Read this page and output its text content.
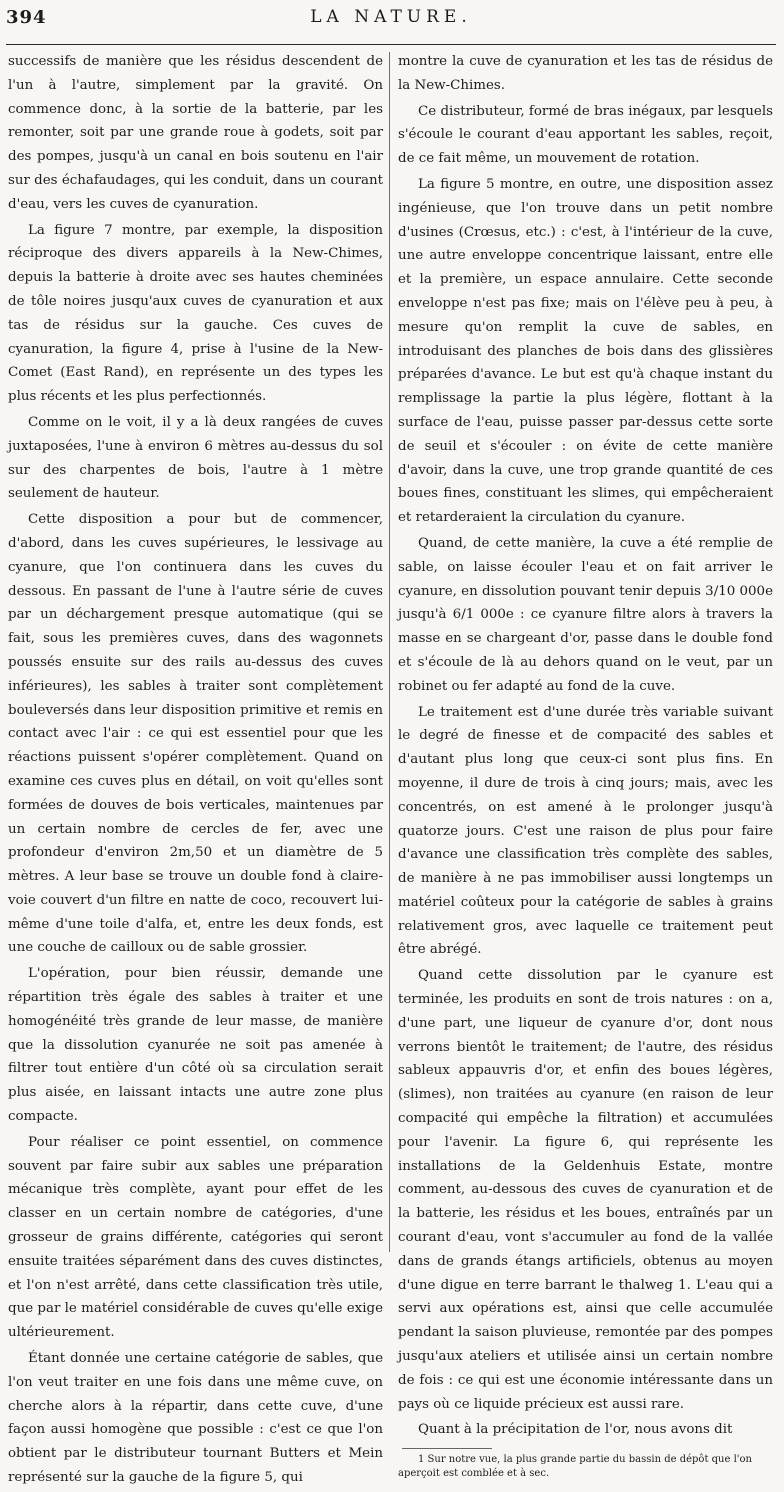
394	LA NATURE.

successifs de manière que les résidus descendent de l'un à l'autre, simplement par la gravité. On commence donc, à la sortie de la batterie, par les remonter, soit par une grande roue à godets, soit par des pompes, jusqu'à un canal en bois soutenu en l'air sur des échafaudages, qui les conduit, dans un courant d'eau, vers les cuves de cyanuration.

La figure 7 montre, par exemple, la disposition réciproque des divers appareils à la New-Chimes, depuis la batterie à droite avec ses hautes cheminées de tôle noires jusqu'aux cuves de cyanuration et aux tas de résidus sur la gauche. Ces cuves de cyanuration, la figure 4, prise à l'usine de la New-Comet (East Rand), en représente un des types les plus récents et les plus perfectionnés.

Comme on le voit, il y a là deux rangées de cuves juxtaposées, l'une à environ 6 mètres au-dessus du sol sur des charpentes de bois, l'autre à 1 mètre seulement de hauteur.

Cette disposition a pour but de commencer, d'abord, dans les cuves supérieures, le lessivage au cyanure, que l'on continuera dans les cuves du dessous. En passant de l'une à l'autre série de cuves par un déchargement presque automatique (qui se fait, sous les premières cuves, dans des wagonnets poussés ensuite sur des rails au-dessus des cuves inférieures), les sables à traiter sont complètement bouleversés dans leur disposition primitive et remis en contact avec l'air : ce qui est essentiel pour que les réactions puissent s'opérer complètement. Quand on examine ces cuves plus en détail, on voit qu'elles sont formées de douves de bois verticales, maintenues par un certain nombre de cercles de fer, avec une profondeur d'environ 2m,50 et un diamètre de 5 mètres. A leur base se trouve un double fond à claire-voie couvert d'un filtre en natte de coco, recouvert lui-même d'une toile d'alfa, et, entre les deux fonds, est une couche de cailloux ou de sable grossier.

L'opération, pour bien réussir, demande une répartition très égale des sables à traiter et une homogénéité très grande de leur masse, de manière que la dissolution cyanurée ne soit pas amenée à filtrer tout entière d'un côté où sa circulation serait plus aisée, en laissant intacts une autre zone plus compacte.

Pour réaliser ce point essentiel, on commence souvent par faire subir aux sables une préparation mécanique très complète, ayant pour effet de les classer en un certain nombre de catégories, d'une grosseur de grains différente, catégories qui seront ensuite traitées séparément dans des cuves distinctes, et l'on n'est arrêté, dans cette classification très utile, que par le matériel considérable de cuves qu'elle exige ultérieurement.

Étant donnée une certaine catégorie de sables, que l'on veut traiter en une fois dans une même cuve, on cherche alors à la répartir, dans cette cuve, d'une façon aussi homogène que possible : c'est ce que l'on obtient par le distributeur tournant Butters et Mein représenté sur la gauche de la figure 5, qui

montre la cuve de cyanuration et les tas de résidus de la New-Chimes.

Ce distributeur, formé de bras inégaux, par lesquels s'écoule le courant d'eau apportant les sables, reçoit, de ce fait même, un mouvement de rotation.

La figure 5 montre, en outre, une disposition assez ingénieuse, que l'on trouve dans un petit nombre d'usines (Crœsus, etc.) : c'est, à l'intérieur de la cuve, une autre enveloppe concentrique laissant, entre elle et la première, un espace annulaire. Cette seconde enveloppe n'est pas fixe; mais on l'élève peu à peu, à mesure qu'on remplit la cuve de sables, en introduisant des planches de bois dans des glissières préparées d'avance. Le but est qu'à chaque instant du remplissage la partie la plus légère, flottant à la surface de l'eau, puisse passer par-dessus cette sorte de seuil et s'écouler : on évite de cette manière d'avoir, dans la cuve, une trop grande quantité de ces boues fines, constituant les slimes, qui empêcheraient et retarderaient la circulation du cyanure.

Quand, de cette manière, la cuve a été remplie de sable, on laisse écouler l'eau et on fait arriver le cyanure, en dissolution pouvant tenir depuis 3/10 000e jusqu'à 6/1 000e : ce cyanure filtre alors à travers la masse en se chargeant d'or, passe dans le double fond et s'écoule de là au dehors quand on le veut, par un robinet ou fer adapté au fond de la cuve.

Le traitement est d'une durée très variable suivant le degré de finesse et de compacité des sables et d'autant plus long que ceux-ci sont plus fins. En moyenne, il dure de trois à cinq jours; mais, avec les concentrés, on est amené à le prolonger jusqu'à quatorze jours. C'est une raison de plus pour faire d'avance une classification très complète des sables, de manière à ne pas immobiliser aussi longtemps un matériel coûteux pour la catégorie de sables à grains relativement gros, avec laquelle ce traitement peut être abrégé.

Quand cette dissolution par le cyanure est terminée, les produits en sont de trois natures : on a, d'une part, une liqueur de cyanure d'or, dont nous verrons bientôt le traitement; de l'autre, des résidus sableux appauvris d'or, et enfin des boues légères, (slimes), non traitées au cyanure (en raison de leur compacité qui empêche la filtration) et accumulées pour l'avenir. La figure 6, qui représente les installations de la Geldenhuis Estate, montre comment, au-dessous des cuves de cyanuration et de la batterie, les résidus et les boues, entraînés par un courant d'eau, vont s'accumuler au fond de la vallée dans de grands étangs artificiels, obtenus au moyen d'une digue en terre barrant le thalweg 1. L'eau qui a servi aux opérations est, ainsi que celle accumulée pendant la saison pluvieuse, remontée par des pompes jusqu'aux ateliers et utilisée ainsi un certain nombre de fois : ce qui est une économie intéressante dans un pays où ce liquide précieux est aussi rare.

Quant à la précipitation de l'or, nous avons dit

1 Sur notre vue, la plus grande partie du bassin de dépôt que l'on aperçoit est comblée et à sec.
